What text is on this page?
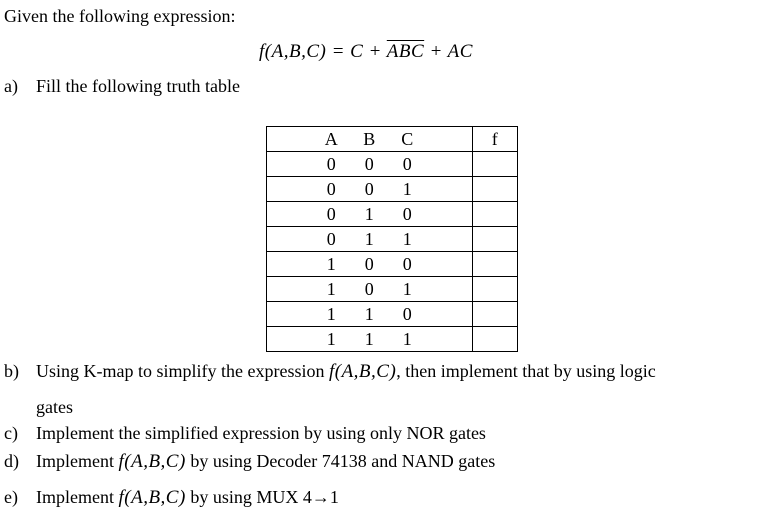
Given the following expression:
$f(A,B,C) = C + \overline{ABC}$ + AC
a) Fill the following truth table
A B C	f
0 0 0	
0 0 1	
0 1 0	
0 1 1	
1 0 0	
1 0 1	
1 1 0	
1 1 1	
b) Using K-map to simplify the expression f(A,B,C), then implement that by using logic
gates
c) Implement the simplified expression by using only NOR gates
d) Implement f(A,B,C) by using Decoder 74138 and NAND gates
e) Implement f(A,B,C) by using MUX 4→1
